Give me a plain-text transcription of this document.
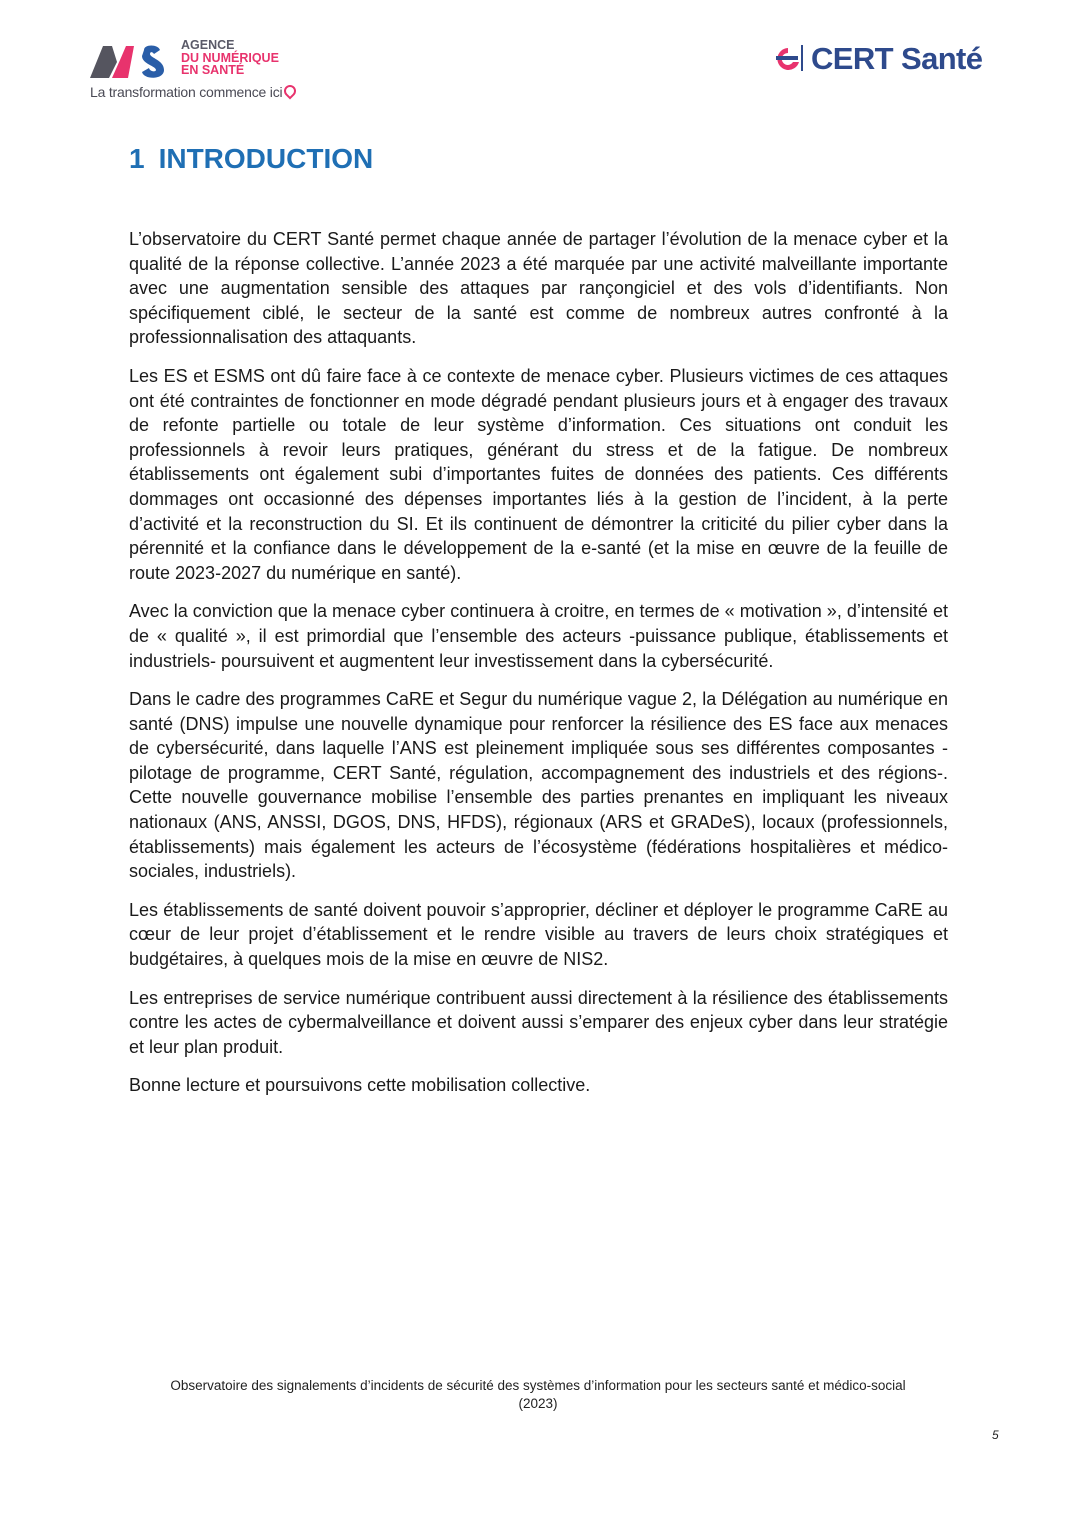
AGENCE
DU NUMÉRIQUE
EN SANTÉ
La transformation commence ici
CERT Santé
1 INTRODUCTION

L’observatoire du CERT Santé permet chaque année de partager l’évolution de la menace cyber et la qualité de la réponse collective. L’année 2023 a été marquée par une activité malveillante importante avec une augmentation sensible des attaques par rançongiciel et des vols d’identifiants. Non spécifiquement ciblé, le secteur de la santé est comme de nombreux autres confronté à la professionnalisation des attaquants.

Les ES et ESMS ont dû faire face à ce contexte de menace cyber. Plusieurs victimes de ces attaques ont été contraintes de fonctionner en mode dégradé pendant plusieurs jours et à engager des travaux de refonte partielle ou totale de leur système d’information. Ces situations ont conduit les professionnels à revoir leurs pratiques, générant du stress et de la fatigue. De nombreux établissements ont également subi d’importantes fuites de données des patients. Ces différents dommages ont occasionné des dépenses importantes liés à la gestion de l’incident, à la perte d’activité et la reconstruction du SI. Et ils continuent de démontrer la criticité du pilier cyber dans la pérennité et la confiance dans le développement de la e-santé (et la mise en œuvre de la feuille de route 2023-2027 du numérique en santé).

Avec la conviction que la menace cyber continuera à croitre, en termes de « motivation », d’intensité et de « qualité », il est primordial que l’ensemble des acteurs -puissance publique, établissements et industriels- poursuivent et augmentent leur investissement dans la cybersécurité.

Dans le cadre des programmes CaRE et Segur du numérique vague 2, la Délégation au numérique en santé (DNS) impulse une nouvelle dynamique pour renforcer la résilience des ES face aux menaces de cybersécurité, dans laquelle l’ANS est pleinement impliquée sous ses différentes composantes -pilotage de programme, CERT Santé, régulation, accompagnement des industriels et des régions-. Cette nouvelle gouvernance mobilise l’ensemble des parties prenantes en impliquant les niveaux nationaux (ANS, ANSSI, DGOS, DNS, HFDS), régionaux (ARS et GRADeS), locaux (professionnels, établissements) mais également les acteurs de l’écosystème (fédérations hospitalières et médico-sociales, industriels).

Les établissements de santé doivent pouvoir s’approprier, décliner et déployer le programme CaRE au cœur de leur projet d’établissement et le rendre visible au travers de leurs choix stratégiques et budgétaires, à quelques mois de la mise en œuvre de NIS2.

Les entreprises de service numérique contribuent aussi directement à la résilience des établissements contre les actes de cybermalveillance et doivent aussi s’emparer des enjeux cyber dans leur stratégie et leur plan produit.

Bonne lecture et poursuivons cette mobilisation collective.

Observatoire des signalements d’incidents de sécurité des systèmes d’information pour les secteurs santé et médico-social
(2023)
5
